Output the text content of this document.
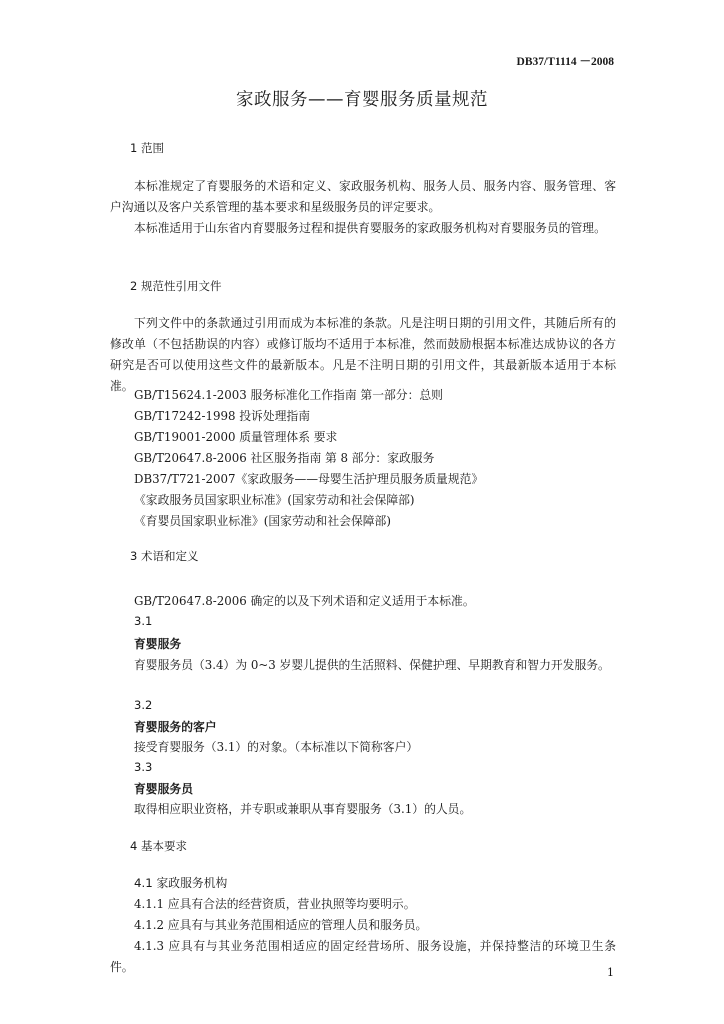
DB37/T1114 －2008
家政服务——育婴服务质量规范
1 范围
本标准规定了育婴服务的术语和定义、家政服务机构、服务人员、服务内容、服务管理、客户沟通以及客户关系管理的基本要求和星级服务员的评定要求。
本标准适用于山东省内育婴服务过程和提供育婴服务的家政服务机构对育婴服务员的管理。
2 规范性引用文件
下列文件中的条款通过引用而成为本标准的条款。凡是注明日期的引用文件，其随后所有的修改单（不包括勘误的内容）或修订版均不适用于本标准，然而鼓励根据本标准达成协议的各方研究是否可以使用这些文件的最新版本。凡是不注明日期的引用文件，其最新版本适用于本标准。
GB/T15624.1-2003 服务标准化工作指南 第一部分：总则
GB/T17242-1998 投诉处理指南
GB/T19001-2000 质量管理体系 要求
GB/T20647.8-2006 社区服务指南 第 8 部分：家政服务
DB37/T721-2007《家政服务——母婴生活护理员服务质量规范》
《家政服务员国家职业标准》(国家劳动和社会保障部)
《育婴员国家职业标准》(国家劳动和社会保障部)
3 术语和定义
GB/T20647.8-2006 确定的以及下列术语和定义适用于本标准。
3.1
育婴服务
育婴服务员（3.4）为 0~3 岁婴儿提供的生活照料、保健护理、早期教育和智力开发服务。
3.2
育婴服务的客户
接受育婴服务（3.1）的对象。（本标准以下简称客户）
3.3
育婴服务员
取得相应职业资格，并专职或兼职从事育婴服务（3.1）的人员。
4 基本要求
4.1 家政服务机构
4.1.1 应具有合法的经营资质，营业执照等均要明示。
4.1.2 应具有与其业务范围相适应的管理人员和服务员。
4.1.3 应具有与其业务范围相适应的固定经营场所、服务设施，并保持整洁的环境卫生条件。	1
